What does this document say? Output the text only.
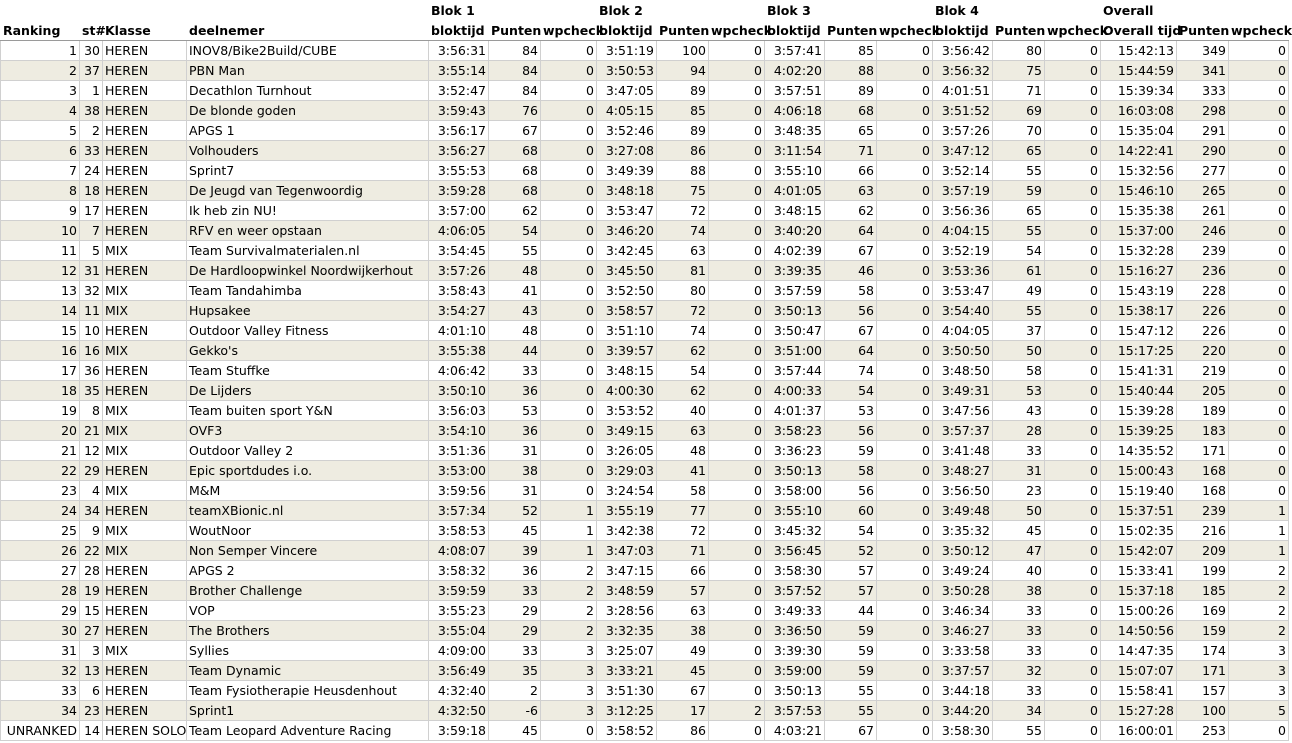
				Blok 1			Blok 2			Blok 3			Blok 4			Overall		
Ranking	st#	Klasse	deelnemer	bloktijd	Punten	wpcheck	bloktijd	Punten	wpcheck	bloktijd	Punten	wpcheck	bloktijd	Punten	wpcheck	Overall tijd	Punten	wpcheck
1	30	HEREN	INOV8/Bike2Build/CUBE	3:56:31	84	0	3:51:19	100	0	3:57:41	85	0	3:56:42	80	0	15:42:13	349	0
2	37	HEREN	PBN Man	3:55:14	84	0	3:50:53	94	0	4:02:20	88	0	3:56:32	75	0	15:44:59	341	0
3	1	HEREN	Decathlon Turnhout	3:52:47	84	0	3:47:05	89	0	3:57:51	89	0	4:01:51	71	0	15:39:34	333	0
4	38	HEREN	De blonde goden	3:59:43	76	0	4:05:15	85	0	4:06:18	68	0	3:51:52	69	0	16:03:08	298	0
5	2	HEREN	APGS 1	3:56:17	67	0	3:52:46	89	0	3:48:35	65	0	3:57:26	70	0	15:35:04	291	0
6	33	HEREN	Volhouders	3:56:27	68	0	3:27:08	86	0	3:11:54	71	0	3:47:12	65	0	14:22:41	290	0
7	24	HEREN	Sprint7	3:55:53	68	0	3:49:39	88	0	3:55:10	66	0	3:52:14	55	0	15:32:56	277	0
8	18	HEREN	De Jeugd van Tegenwoordig	3:59:28	68	0	3:48:18	75	0	4:01:05	63	0	3:57:19	59	0	15:46:10	265	0
9	17	HEREN	Ik heb zin NU!	3:57:00	62	0	3:53:47	72	0	3:48:15	62	0	3:56:36	65	0	15:35:38	261	0
10	7	HEREN	RFV en weer opstaan	4:06:05	54	0	3:46:20	74	0	3:40:20	64	0	4:04:15	55	0	15:37:00	246	0
11	5	MIX	Team Survivalmaterialen.nl	3:54:45	55	0	3:42:45	63	0	4:02:39	67	0	3:52:19	54	0	15:32:28	239	0
12	31	HEREN	De Hardloopwinkel Noordwijkerhout	3:57:26	48	0	3:45:50	81	0	3:39:35	46	0	3:53:36	61	0	15:16:27	236	0
13	32	MIX	Team Tandahimba	3:58:43	41	0	3:52:50	80	0	3:57:59	58	0	3:53:47	49	0	15:43:19	228	0
14	11	MIX	Hupsakee	3:54:27	43	0	3:58:57	72	0	3:50:13	56	0	3:54:40	55	0	15:38:17	226	0
15	10	HEREN	Outdoor Valley Fitness	4:01:10	48	0	3:51:10	74	0	3:50:47	67	0	4:04:05	37	0	15:47:12	226	0
16	16	MIX	Gekko's	3:55:38	44	0	3:39:57	62	0	3:51:00	64	0	3:50:50	50	0	15:17:25	220	0
17	36	HEREN	Team Stuffke	4:06:42	33	0	3:48:15	54	0	3:57:44	74	0	3:48:50	58	0	15:41:31	219	0
18	35	HEREN	De Lijders	3:50:10	36	0	4:00:30	62	0	4:00:33	54	0	3:49:31	53	0	15:40:44	205	0
19	8	MIX	Team buiten sport Y&N	3:56:03	53	0	3:53:52	40	0	4:01:37	53	0	3:47:56	43	0	15:39:28	189	0
20	21	MIX	OVF3	3:54:10	36	0	3:49:15	63	0	3:58:23	56	0	3:57:37	28	0	15:39:25	183	0
21	12	MIX	Outdoor Valley 2	3:51:36	31	0	3:26:05	48	0	3:36:23	59	0	3:41:48	33	0	14:35:52	171	0
22	29	HEREN	Epic sportdudes i.o.	3:53:00	38	0	3:29:03	41	0	3:50:13	58	0	3:48:27	31	0	15:00:43	168	0
23	4	MIX	M&M	3:59:56	31	0	3:24:54	58	0	3:58:00	56	0	3:56:50	23	0	15:19:40	168	0
24	34	HEREN	teamXBionic.nl	3:57:34	52	1	3:55:19	77	0	3:55:10	60	0	3:49:48	50	0	15:37:51	239	1
25	9	MIX	WoutNoor	3:58:53	45	1	3:42:38	72	0	3:45:32	54	0	3:35:32	45	0	15:02:35	216	1
26	22	MIX	Non Semper Vincere	4:08:07	39	1	3:47:03	71	0	3:56:45	52	0	3:50:12	47	0	15:42:07	209	1
27	28	HEREN	APGS 2	3:58:32	36	2	3:47:15	66	0	3:58:30	57	0	3:49:24	40	0	15:33:41	199	2
28	19	HEREN	Brother Challenge	3:59:59	33	2	3:48:59	57	0	3:57:52	57	0	3:50:28	38	0	15:37:18	185	2
29	15	HEREN	VOP	3:55:23	29	2	3:28:56	63	0	3:49:33	44	0	3:46:34	33	0	15:00:26	169	2
30	27	HEREN	The Brothers	3:55:04	29	2	3:32:35	38	0	3:36:50	59	0	3:46:27	33	0	14:50:56	159	2
31	3	MIX	Syllies	4:09:00	33	3	3:25:07	49	0	3:39:30	59	0	3:33:58	33	0	14:47:35	174	3
32	13	HEREN	Team Dynamic	3:56:49	35	3	3:33:21	45	0	3:59:00	59	0	3:37:57	32	0	15:07:07	171	3
33	6	HEREN	Team Fysiotherapie Heusdenhout	4:32:40	2	3	3:51:30	67	0	3:50:13	55	0	3:44:18	33	0	15:58:41	157	3
34	23	HEREN	Sprint1	4:32:50	-6	3	3:12:25	17	2	3:57:53	55	0	3:44:20	34	0	15:27:28	100	5
UNRANKED	14	HEREN SOLO	Team Leopard Adventure Racing	3:59:18	45	0	3:58:52	86	0	4:03:21	67	0	3:58:30	55	0	16:00:01	253	0
